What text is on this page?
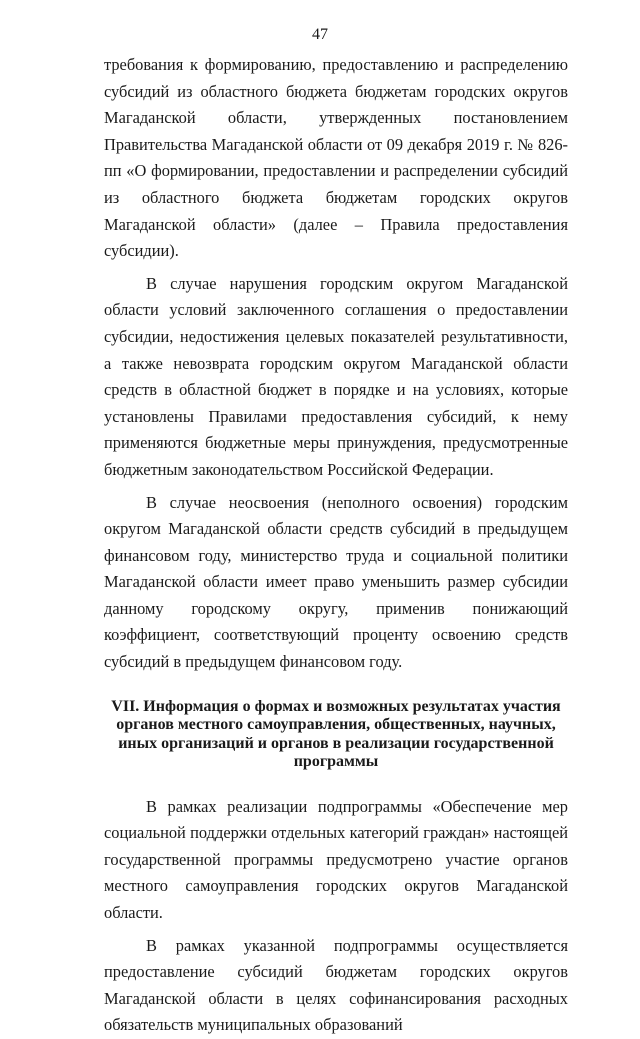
47

требования к формированию, предоставлению и распределению субсидий из областного бюджета бюджетам городских округов Магаданской области, утвержденных постановлением Правительства Магаданской области от 09 декабря 2019 г. № 826-пп «О формировании, предоставлении и распределении субсидий из областного бюджета бюджетам городских округов Магаданской области» (далее – Правила предоставления субсидии).

В случае нарушения городским округом Магаданской области условий заключенного соглашения о предоставлении субсидии, недостижения целевых показателей результативности, а также невозврата городским округом Магаданской области средств в областной бюджет в порядке и на условиях, которые установлены Правилами предоставления субсидий, к нему применяются бюджетные меры принуждения, предусмотренные бюджетным законодательством Российской Федерации.

В случае неосвоения (неполного освоения) городским округом Магаданской области средств субсидий в предыдущем финансовом году, министерство труда и социальной политики Магаданской области имеет право уменьшить размер субсидии данному городскому округу, применив понижающий коэффициент, соответствующий проценту освоению средств субсидий в предыдущем финансовом году.

VII. Информация о формах и возможных результатах участия органов местного самоуправления, общественных, научных, иных организаций и органов в реализации государственной программы

В рамках реализации подпрограммы «Обеспечение мер социальной поддержки отдельных категорий граждан» настоящей государственной программы предусмотрено участие органов местного самоуправления городских округов Магаданской области.

В рамках указанной подпрограммы осуществляется предоставление субсидий бюджетам городских округов Магаданской области в целях софинансирования расходных обязательств муниципальных образований
